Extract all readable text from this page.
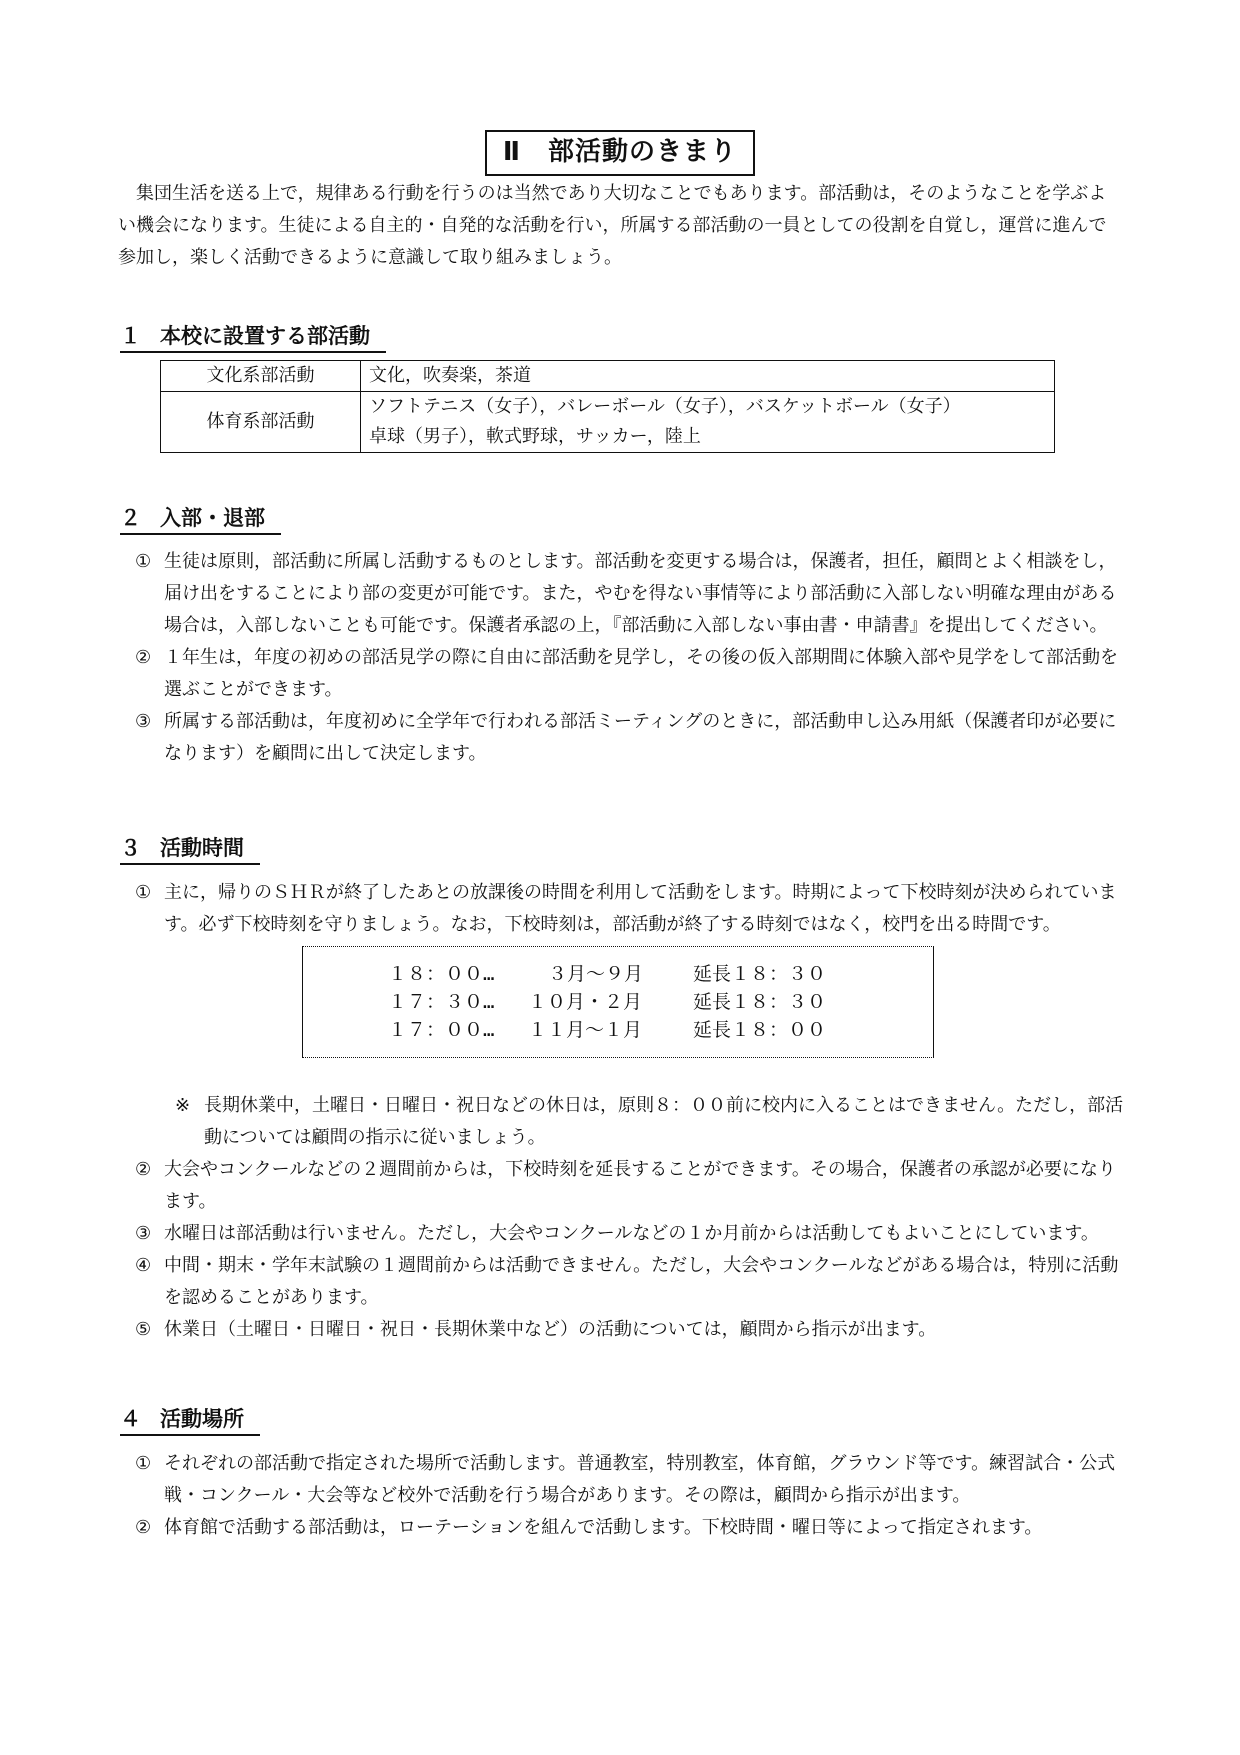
Ⅱ　部活動のきまり
集団生活を送る上で，規律ある行動を行うのは当然であり大切なことでもあります。部活動は，そのようなことを学ぶよい機会になります。生徒による自主的・自発的な活動を行い，所属する部活動の一員としての役割を自覚し，運営に進んで参加し，楽しく活動できるように意識して取り組みましょう。
１ 本校に設置する部活動
文化系部活動	文化，吹奏楽，茶道
体育系部活動	ソフトテニス（女子），バレーボール（女子），バスケットボール（女子）
卓球（男子），軟式野球，サッカー，陸上
２ 入部・退部
① 生徒は原則，部活動に所属し活動するものとします。部活動を変更する場合は，保護者，担任，顧問とよく相談をし，届け出をすることにより部の変更が可能です。また，やむを得ない事情等により部活動に入部しない明確な理由がある場合は，入部しないことも可能です。保護者承認の上，『部活動に入部しない事由書・申請書』を提出してください。
② １年生は，年度の初めの部活見学の際に自由に部活動を見学し，その後の仮入部期間に体験入部や見学をして部活動を選ぶことができます。
③ 所属する部活動は，年度初めに全学年で行われる部活ミーティングのときに，部活動申し込み用紙（保護者印が必要になります）を顧問に出して決定します。
３ 活動時間
① 主に，帰りのＳＨＲが終了したあとの放課後の時間を利用して活動をします。時期によって下校時刻が決められています。必ず下校時刻を守りましょう。なお，下校時刻は，部活動が終了する時刻ではなく，校門を出る時間です。
１８：００…	３月～９月	延長１８：３０
１７：３０… １０月・２月	延長１８：３０
１７：００… １１月～１月	延長１８：００
※ 長期休業中，土曜日・日曜日・祝日などの休日は，原則８：００前に校内に入ることはできません。ただし，部活動については顧問の指示に従いましょう。
② 大会やコンクールなどの２週間前からは，下校時刻を延長することができます。その場合，保護者の承認が必要になります。
③ 水曜日は部活動は行いません。ただし，大会やコンクールなどの１か月前からは活動してもよいことにしています。
④ 中間・期末・学年末試験の１週間前からは活動できません。ただし，大会やコンクールなどがある場合は，特別に活動を認めることがあります。
⑤ 休業日（土曜日・日曜日・祝日・長期休業中など）の活動については，顧問から指示が出ます。
４ 活動場所
① それぞれの部活動で指定された場所で活動します。普通教室，特別教室，体育館，グラウンド等です。練習試合・公式戦・コンクール・大会等など校外で活動を行う場合があります。その際は，顧問から指示が出ます。
② 体育館で活動する部活動は，ローテーションを組んで活動します。下校時間・曜日等によって指定されます。
